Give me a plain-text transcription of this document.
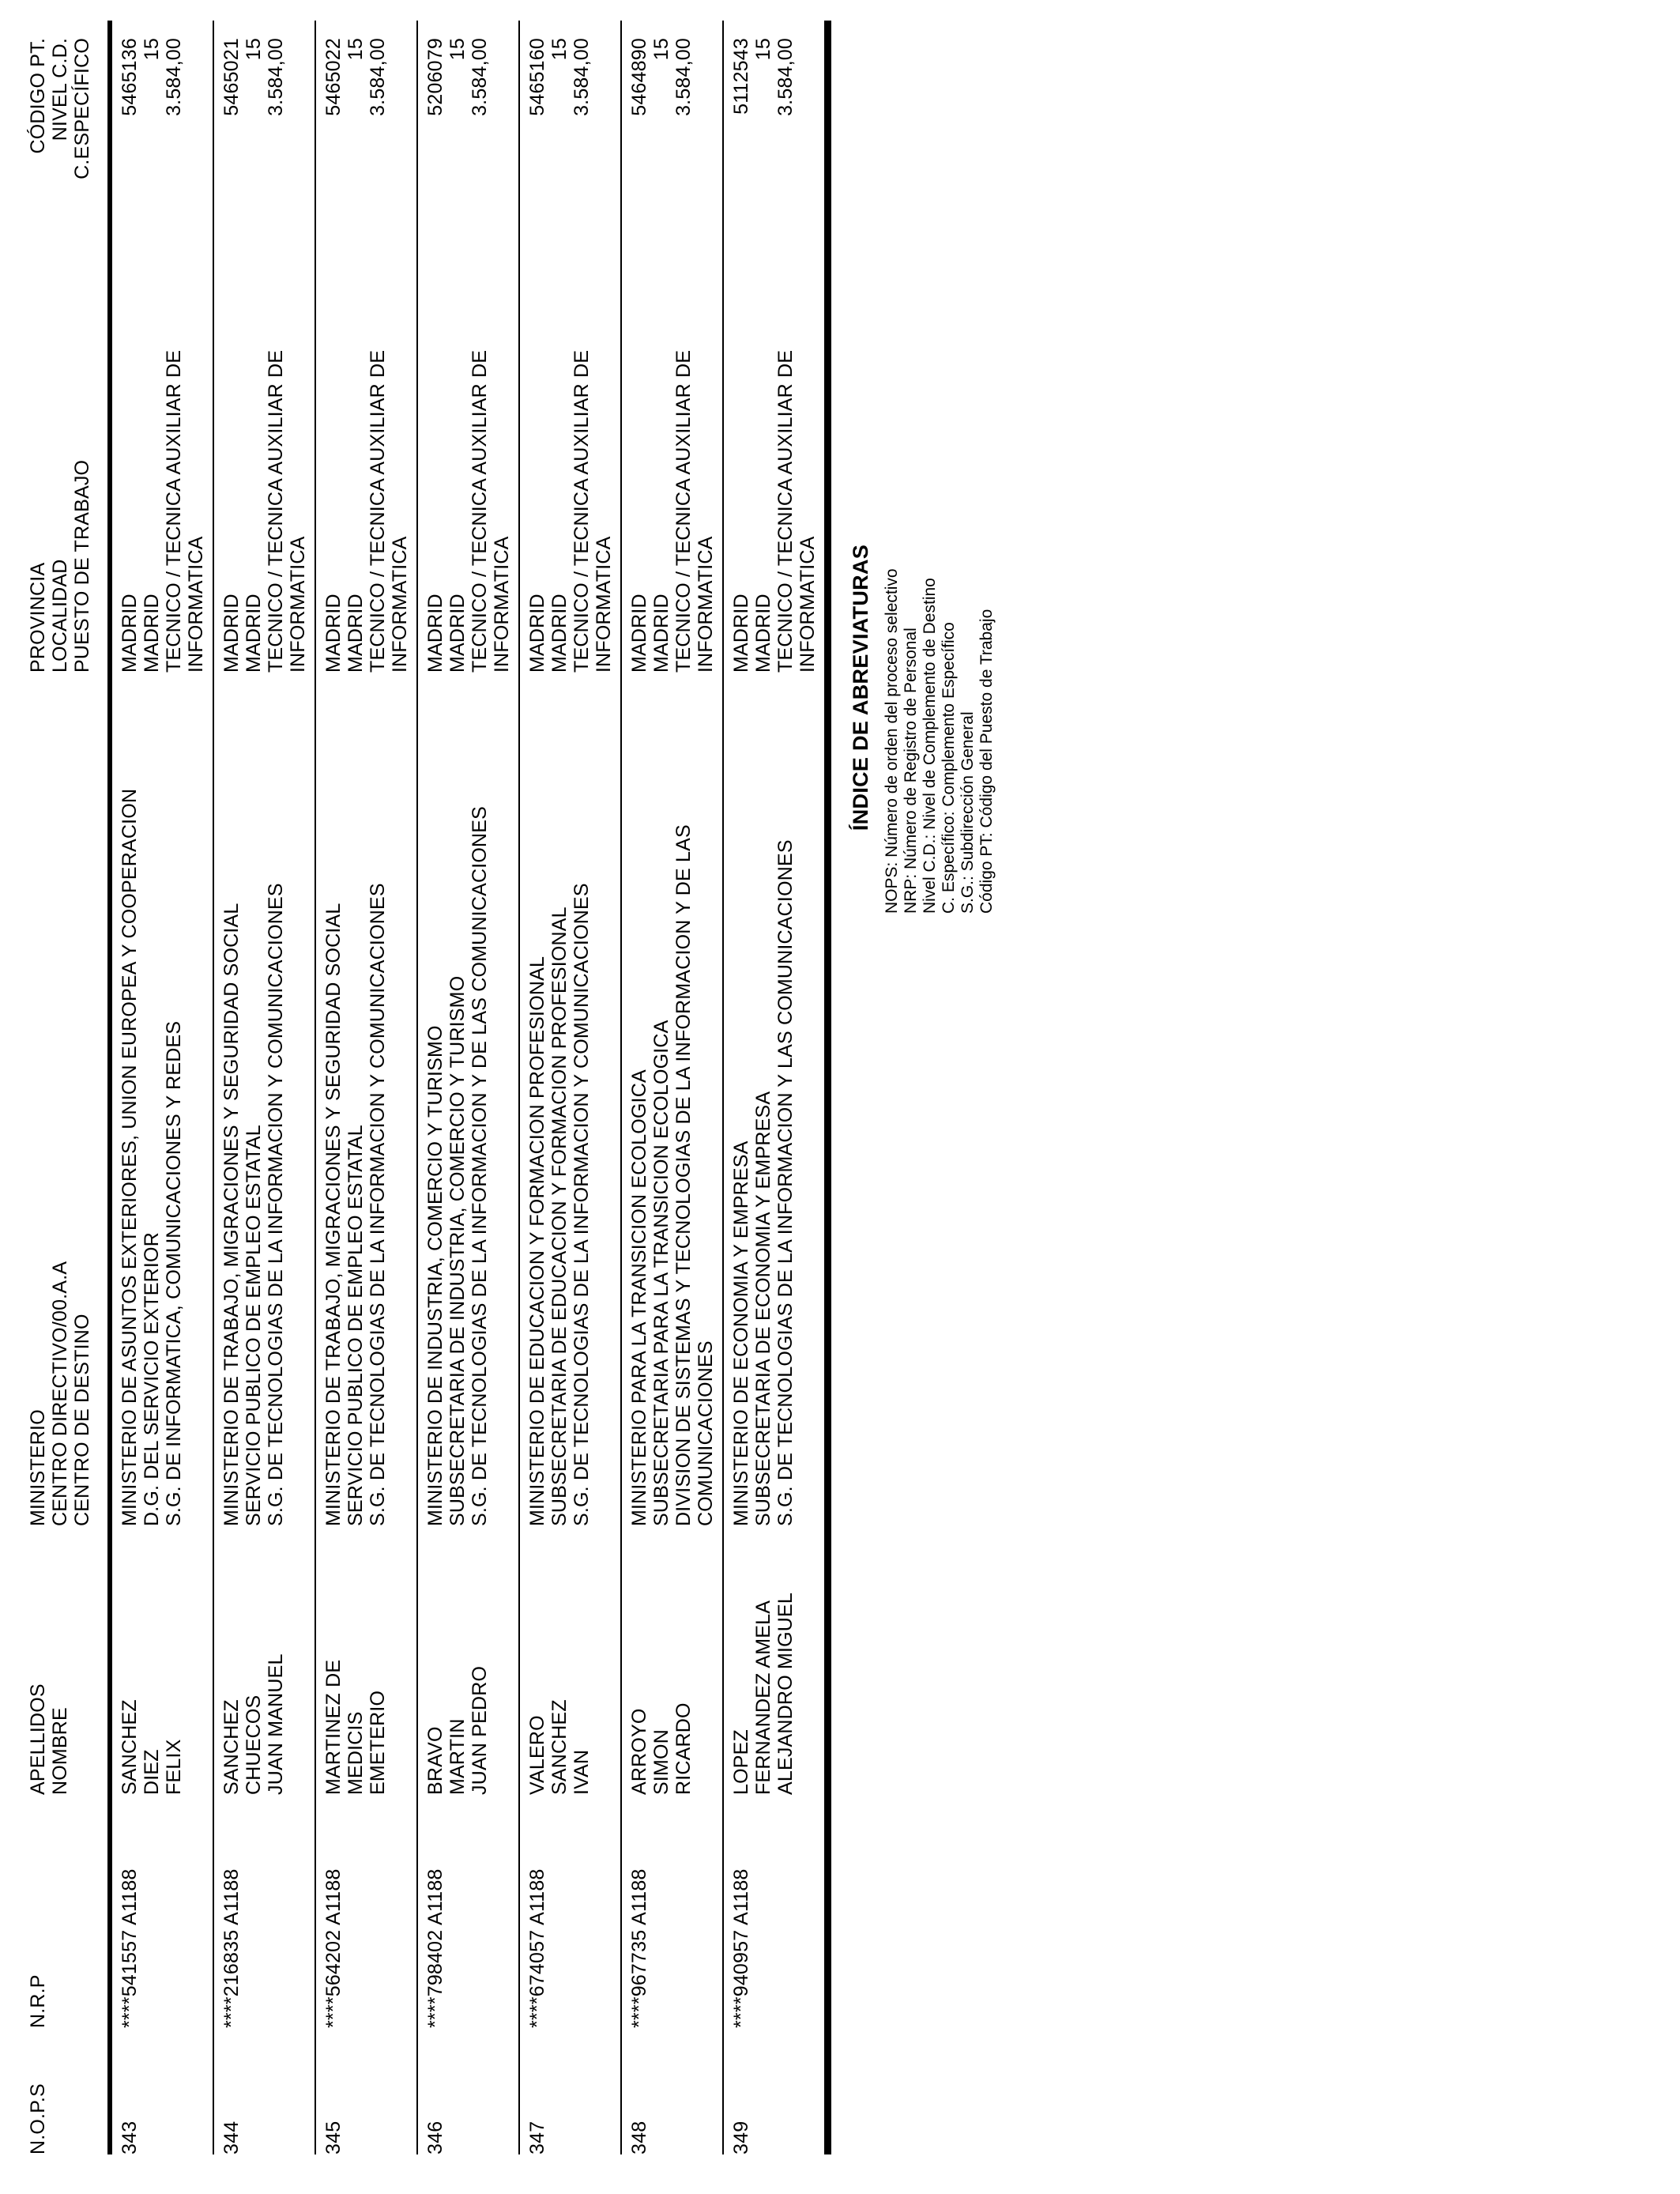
N.O.P.S
N.R.P
APELLIDOS NOMBRE
MINISTERIO CENTRO DIRECTIVO/00.A.A CENTRO DE DESTINO
PROVINCIA LOCALIDAD PUESTO DE TRABAJO
CÓDIGO PT. NIVEL C.D. C.ESPECÍFICO
343
****541557 A1188
SANCHEZ DIEZ FELIX
MINISTERIO DE ASUNTOS EXTERIORES, UNION EUROPEA Y COOPERACION D.G. DEL SERVICIO EXTERIOR S.G. DE INFORMATICA, COMUNICACIONES Y REDES
MADRID MADRID TECNICO / TECNICA AUXILIAR DE INFORMATICA
5465136 15 3.584,00
344
****216835 A1188
SANCHEZ CHUECOS JUAN MANUEL
MINISTERIO DE TRABAJO, MIGRACIONES Y SEGURIDAD SOCIAL SERVICIO PUBLICO DE EMPLEO ESTATAL S.G. DE TECNOLOGIAS DE LA INFORMACION Y COMUNICACIONES
MADRID MADRID TECNICO / TECNICA AUXILIAR DE INFORMATICA
5465021 15 3.584,00
345
****564202 A1188
MARTINEZ DE MEDICIS EMETERIO
MINISTERIO DE TRABAJO, MIGRACIONES Y SEGURIDAD SOCIAL SERVICIO PUBLICO DE EMPLEO ESTATAL S.G. DE TECNOLOGIAS DE LA INFORMACION Y COMUNICACIONES
MADRID MADRID TECNICO / TECNICA AUXILIAR DE INFORMATICA
5465022 15 3.584,00
346
****798402 A1188
BRAVO MARTIN JUAN PEDRO
MINISTERIO DE INDUSTRIA, COMERCIO Y TURISMO SUBSECRETARIA DE INDUSTRIA, COMERCIO Y TURISMO S.G. DE TECNOLOGIAS DE LA INFORMACION Y DE LAS COMUNICACIONES
MADRID MADRID TECNICO / TECNICA AUXILIAR DE INFORMATICA
5206079 15 3.584,00
347
****674057 A1188
VALERO SANCHEZ IVAN
MINISTERIO DE EDUCACION Y FORMACION PROFESIONAL SUBSECRETARIA DE EDUCACION Y FORMACION PROFESIONAL S.G. DE TECNOLOGIAS DE LA INFORMACION Y COMUNICACIONES
MADRID MADRID TECNICO / TECNICA AUXILIAR DE INFORMATICA
5465160 15 3.584,00
348
****967735 A1188
ARROYO SIMON RICARDO
MINISTERIO PARA LA TRANSICION ECOLOGICA SUBSECRETARIA PARA LA TRANSICION ECOLOGICA DIVISION DE SISTEMAS Y TECNOLOGIAS DE LA INFORMACION Y DE LAS COMUNICACIONES
MADRID MADRID TECNICO / TECNICA AUXILIAR DE INFORMATICA
5464890 15 3.584,00
349
****940957 A1188
LOPEZ FERNANDEZ AMELA ALEJANDRO MIGUEL
MINISTERIO DE ECONOMIA Y EMPRESA SUBSECRETARIA DE ECONOMIA Y EMPRESA S.G. DE TECNOLOGIAS DE LA INFORMACION Y LAS COMUNICACIONES
MADRID MADRID TECNICO / TECNICA AUXILIAR DE INFORMATICA
5112543 15 3.584,00
ÍNDICE DE ABREVIATURAS NOPS: Número de orden del proceso selectivo NRP: Número de Registro de Personal Nivel C.D.: Nivel de Complemento de Destino C. Específico: Complemento Específico S.G.: Subdirección General Código PT: Código del Puesto de Trabajo
